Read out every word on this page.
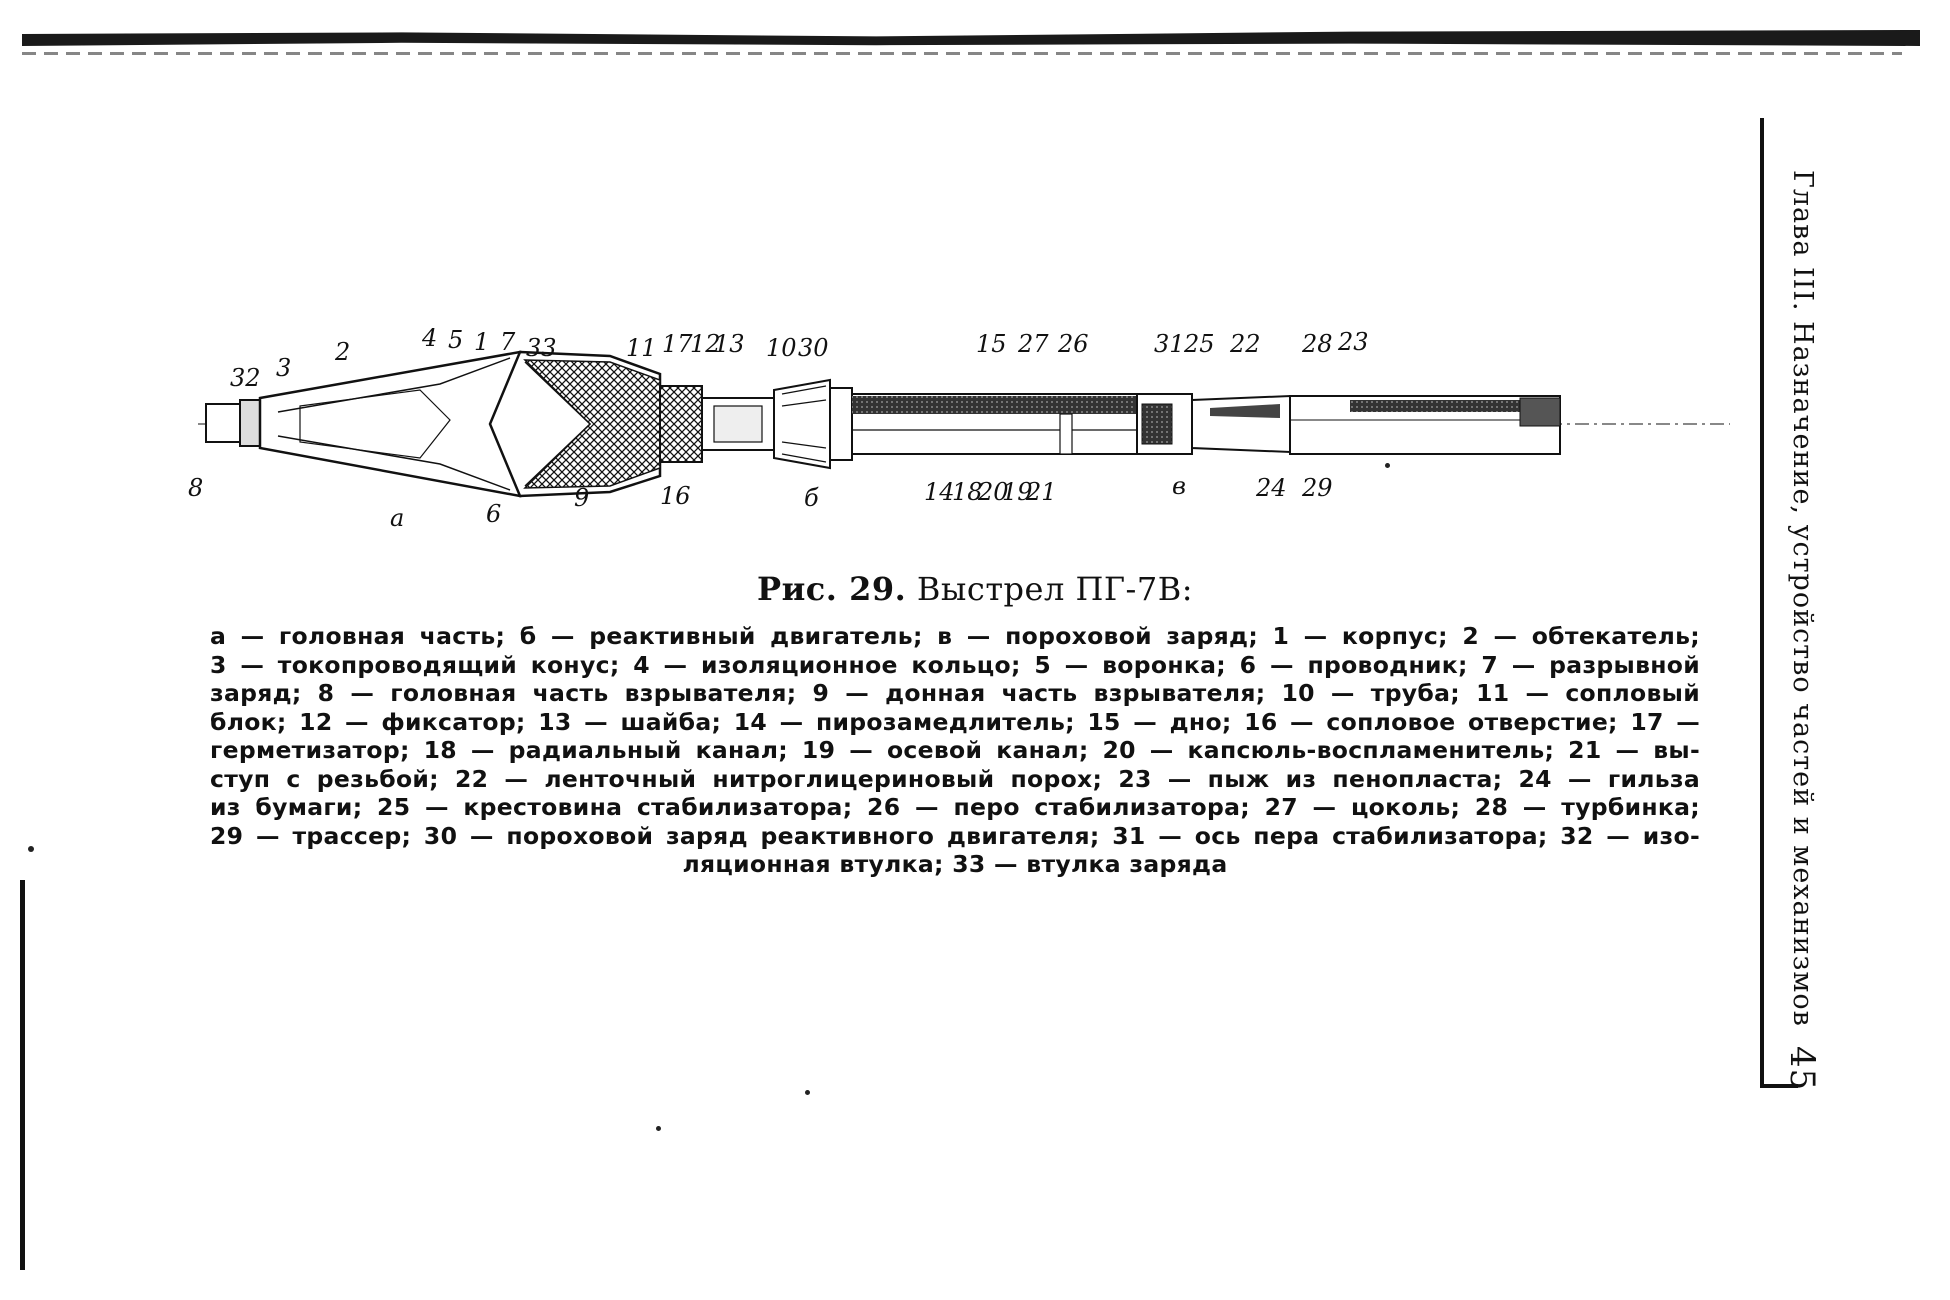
Глава III. Назначение, устройство частей и механизмов 45
8
32 3
2	4 5 1 7 33
а	6
9
11 17
12
13 10 30
16	б	14
15 27 26
18
20
19
21
31 25 22 28 23
в	24 29
Рис. 29. Выстрел ПГ-7В:
а — головная часть; б — реактивный двигатель; в — пороховой заряд; 1 — корпус; 2 — обтекатель;
3 — токопроводящий конус; 4 — изоляционное кольцо; 5 — воронка; 6 — проводник; 7 — разрывной
заряд; 8 — головная часть взрывателя; 9 — донная часть взрывателя; 10 — труба; 11 — сопловый
блок; 12 — фиксатор; 13 — шайба; 14 — пирозамедлитель; 15 — дно; 16 — сопловое отверстие; 17 —
герметизатор; 18 — радиальный канал; 19 — осевой канал; 20 — капсюль-воспламенитель; 21 — вы-
ступ с резьбой; 22 — ленточный нитроглицериновый порох; 23 — пыж из пенопласта; 24 — гильза
из бумаги; 25 — крестовина стабилизатора; 26 — перо стабилизатора; 27 — цоколь; 28 — турбинка;
29 — трассер; 30 — пороховой заряд реактивного двигателя; 31 — ось пера стабилизатора; 32 — изо-
ляционная втулка; 33 — втулка заряда
